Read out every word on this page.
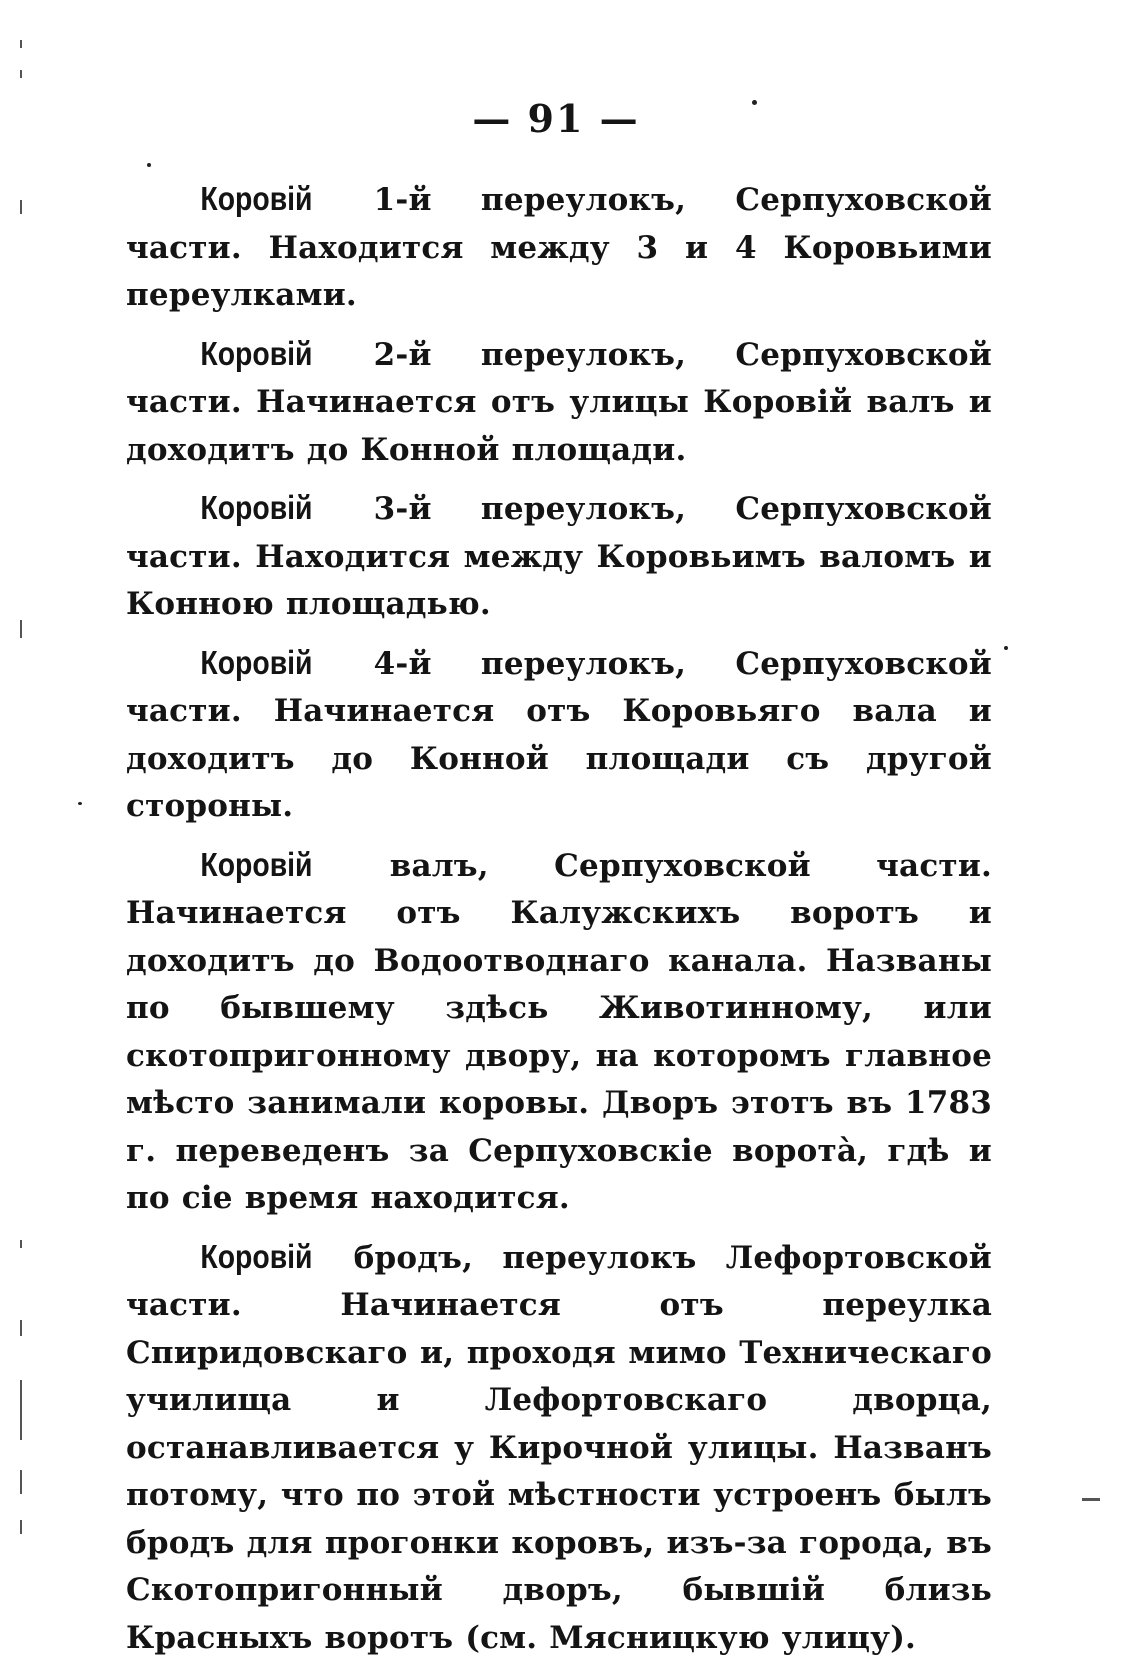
— 91 —

Коровій 1-й переулокъ, Серпуховской части. Находится между 3 и 4 Коровьими переулками.

Коровій 2-й переулокъ, Серпуховской части. Начинается отъ улицы Коровій валъ и доходитъ до Конной площади.

Коровій 3-й переулокъ, Серпуховской части. Находится между Коровьимъ валомъ и Конною площадью.

Коровій 4-й переулокъ, Серпуховской части. Начинается отъ Коровьяго вала и доходитъ до Конной площади съ другой стороны.

Коровій валъ, Серпуховской части. Начинается отъ Калужскихъ воротъ и доходитъ до Водоотводнаго канала. Названы по бывшему здѣсь Животинному, или скотопригонному двору, на которомъ главное мѣсто занимали коровы. Дворъ этотъ въ 1783 г. переведенъ за Серпуховскіе ворота̀, гдѣ и по сіе время находится.

Коровій бродъ, переулокъ Лефортовской части. Начинается отъ переулка Спиридовскаго и, проходя мимо Техническаго училища и Лефортовскаго дворца, останавливается у Кирочной улицы. Названъ потому, что по этой мѣстности устроенъ былъ бродъ для прогонки коровъ, изъ-за города, въ Скотопригонный дворъ, бывшій близь Красныхъ воротъ (см. Мясницкую улицу).
